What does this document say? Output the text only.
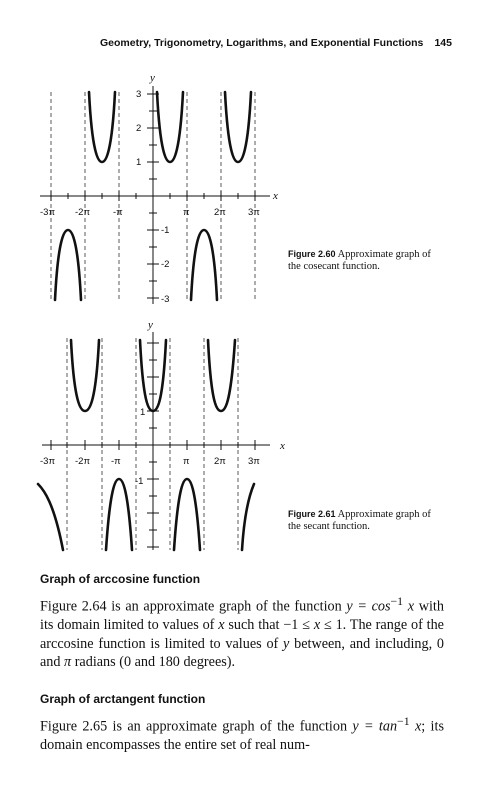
Geometry, Trigonometry, Logarithms, and Exponential Functions 145
y
x
-3π -2π -π	π	2π 3π
3
2
1
-1
-2
-3
Figure 2.60 Approximate graph of the cosecant function.
y
x
-3π -2π -π	π	2π 3π
1
-1
Figure 2.61 Approximate graph of the secant function.
Graph of arccosine function
Figure 2.64 is an approximate graph of the function $y = \cos^{-1} x$ with its domain limited to values of x such that −1 ≤ x ≤ 1. The range of the arccosine function is limited to values of y between, and including, 0 and π radians (0 and 180 degrees).
Graph of arctangent function
Figure 2.65 is an approximate graph of the function $y = \tan^{-1} x$; its domain encompasses the entire set of real num-
